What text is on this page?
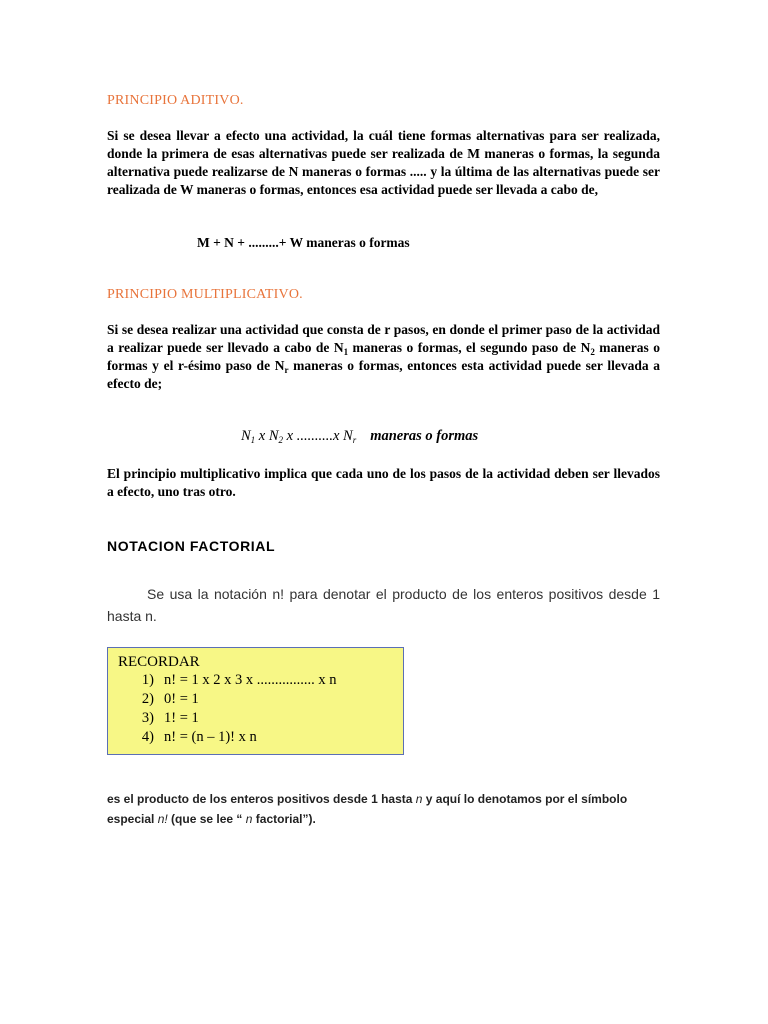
PRINCIPIO ADITIVO.
Si se desea llevar a efecto una actividad, la cuál tiene formas alternativas para ser realizada, donde la primera de esas alternativas puede ser realizada de M maneras o formas, la segunda alternativa puede realizarse de N maneras o formas ..... y la última de las alternativas puede ser realizada de W maneras o formas, entonces esa actividad puede ser llevada a cabo de,
M + N + .........+ W maneras o formas
PRINCIPIO MULTIPLICATIVO.
Si se desea realizar una actividad que consta de r pasos, en donde el primer paso de la actividad a realizar puede ser llevado a cabo de $N_1$ maneras o formas, el segundo paso de $N_2$ maneras o formas y el r-ésimo paso de $N_r$ maneras o formas, entonces esta actividad puede ser llevada a efecto de;
$N_1$ x $N_2$ x ..........x $N_r$ maneras o formas
El principio multiplicativo implica que cada uno de los pasos de la actividad deben ser llevados a efecto, uno tras otro.
NOTACION FACTORIAL
Se usa la notación n! para denotar el producto de los enteros positivos desde 1 hasta n.
RECORDAR
1) n! = 1 x 2 x 3 x ................ x n
2) 0! = 1
3) 1! = 1
4) n! = (n – 1)! x n
es el producto de los enteros positivos desde 1 hasta n y aquí lo denotamos por el símbolo especial n! (que se lee “ n factorial”).
